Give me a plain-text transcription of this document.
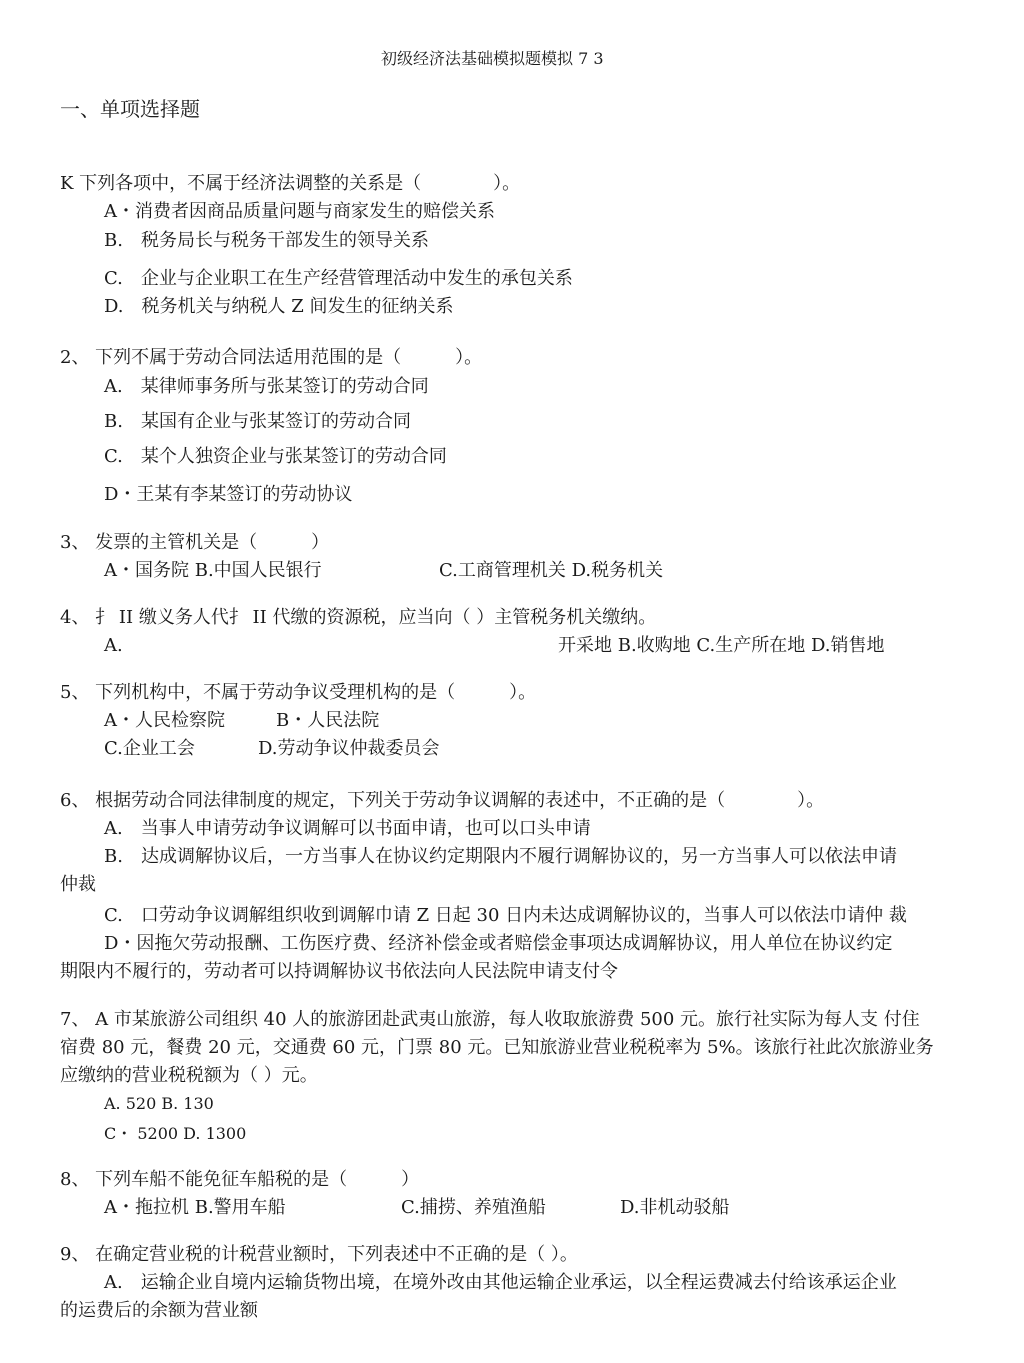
初级经济法基础模拟题模拟 7 3
一、单项选择题
K 下列各项中，不属于经济法调整的关系是（　　　　）。
A・消费者因商品质量问题与商家发生的赔偿关系
B.　税务局长与税务干部发生的领导关系
C.　企业与企业职工在生产经营管理活动中发生的承包关系
D.　税务机关与纳税人 Z 间发生的征纳关系
2、 下列不属于劳动合同法适用范围的是（　　　）。
A.　某律师事务所与张某签订的劳动合同
B.　某国有企业与张某签订的劳动合同
C.　某个人独资企业与张某签订的劳动合同
D・王某有李某签订的劳动协议
3、 发票的主管机关是（　　　）
A・国务院 B.中国人民银行	C.工商管理机关 D.税务机关
4、 扌 II 缴义务人代扌 II 代缴的资源税，应当向（ ）主管税务机关缴纳。
A.	开采地 B.收购地 C.生产所在地 D.销售地
5、 下列机构中，不属于劳动争议受理机构的是（　　　）。
A・人民检察院	B・人民法院
C.企业工会	D.劳动争议仲裁委员会
6、 根据劳动合同法律制度的规定，下列关于劳动争议调解的表述中，不正确的是（　　　　）。
A.　当事人申请劳动争议调解可以书面申请，也可以口头申请
B.　达成调解协议后，一方当事人在协议约定期限内不履行调解协议的，另一方当事人可以依法申请
仲裁
C.　口劳动争议调解组织收到调解巾请 Z 日起 30 日内未达成调解协议的，当事人可以依法巾请仲 裁
D・因拖欠劳动报酬、工伤医疗费、经济补偿金或者赔偿金事项达成调解协议，用人单位在协议约定
期限内不履行的，劳动者可以持调解协议书依法向人民法院申请支付令
7、 A 市某旅游公司组织 40 人的旅游团赴武夷山旅游，每人收取旅游费 500 元。旅行社实际为每人支 付住
宿费 80 元，餐费 20 元，交通费 60 元，门票 80 元。已知旅游业营业税税率为 5%。该旅行社此次旅游业务
应缴纳的营业税税额为（ ）元。
A. 520 B. 130
C・ 5200 D. 1300
8、 下列车船不能免征车船税的是（　　　）
A・拖拉机 B.警用车船	C.捕捞、养殖渔船	D.非机动驳船
9、 在确定营业税的计税营业额时，下列表述中不正确的是（ ）。
A.　运输企业自境内运输货物出境，在境外改由其他运输企业承运，以全程运费减去付给该承运企业
的运费后的余额为营业额
